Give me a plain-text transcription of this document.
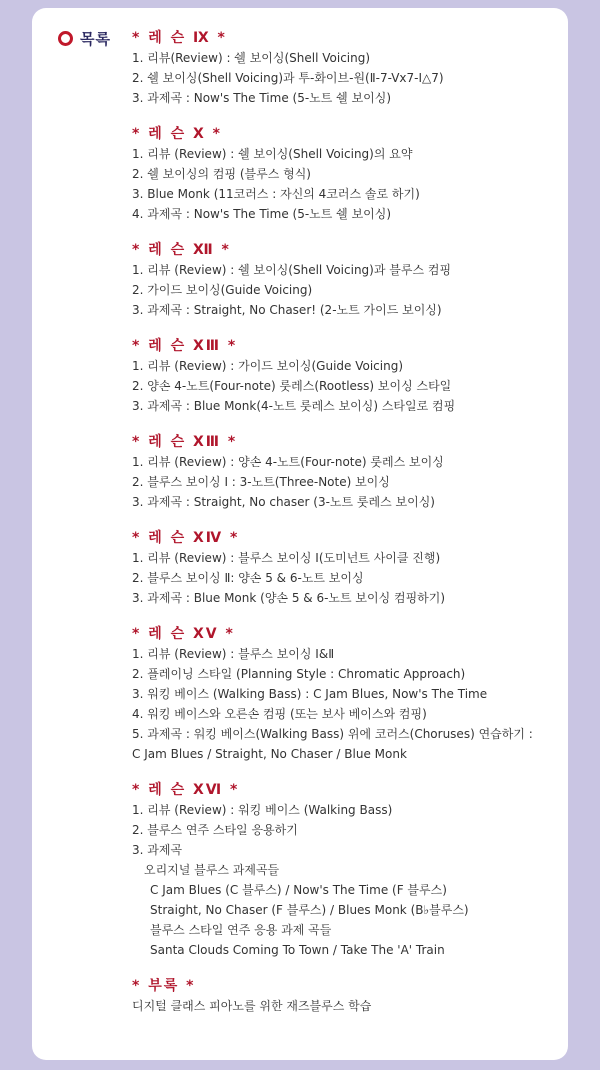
목록 * 레 슨 Ⅸ *
1. 리뷰(Review) : 쉘 보이싱(Shell Voicing)
2. 쉘 보이싱(Shell Voicing)과 투-화이브-원(Ⅱ-7-Vx7-Ⅰ△7)
3. 과제곡 : Now's The Time (5-노트 쉘 보이싱)
* 레 슨 Ⅹ *
1. 리뷰 (Review) : 쉘 보이싱(Shell Voicing)의 요약
2. 쉘 보이싱의 컴핑 (블루스 형식)
3. Blue Monk (11코러스 : 자신의 4코러스 솔로 하기)
4. 과제곡 : Now's The Time (5-노트 쉘 보이싱)
* 레 슨 Ⅻ *
1. 리뷰 (Review) : 쉘 보이싱(Shell Voicing)과 블루스 컴핑
2. 가이드 보이싱(Guide Voicing)
3. 과제곡 : Straight, No Chaser! (2-노트 가이드 보이싱)
* 레 슨 ⅩⅢ *
1. 리뷰 (Review) : 가이드 보이싱(Guide Voicing)
2. 양손 4-노트(Four-note) 룻레스(Rootless) 보이싱 스타일
3. 과제곡 : Blue Monk(4-노트 룻레스 보이싱) 스타일로 컴핑
* 레 슨 ⅩⅢ *
1. 리뷰 (Review) : 양손 4-노트(Four-note) 룻레스 보이싱
2. 블루스 보이싱 Ⅰ : 3-노트(Three-Note) 보이싱
3. 과제곡 : Straight, No chaser (3-노트 룻레스 보이싱)
* 레 슨 ⅩⅣ *
1. 리뷰 (Review) : 블루스 보이싱 Ⅰ(도미넌트 사이클 진행)
2. 블루스 보이싱 Ⅱ: 양손 5 & 6-노트 보이싱
3. 과제곡 : Blue Monk (양손 5 & 6-노트 보이싱 컴핑하기)
* 레 슨 ⅩⅤ *
1. 리뷰 (Review) : 블루스 보이싱 Ⅰ&Ⅱ
2. 플레이닝 스타일 (Planning Style : Chromatic Approach)
3. 워킹 베이스 (Walking Bass) : C Jam Blues, Now's The Time
4. 워킹 베이스와 오른손 컴핑 (또는 보사 베이스와 컴핑)
5. 과제곡 : 워킹 베이스(Walking Bass) 위에 코러스(Choruses) 연습하기 :
C Jam Blues / Straight, No Chaser / Blue Monk
* 레 슨 ⅩⅥ *
1. 리뷰 (Review) : 워킹 베이스 (Walking Bass)
2. 블루스 연주 스타일 응용하기
3. 과제곡
오리지널 블루스 과제곡들
C Jam Blues (C 블루스) / Now's The Time (F 블루스)
Straight, No Chaser (F 블루스) / Blues Monk (B♭블루스)
블루스 스타일 연주 응용 과제 곡들
Santa Clouds Coming To Town / Take The 'A' Train
* 부록 *
디지털 클래스 피아노를 위한 재즈블루스 학습
